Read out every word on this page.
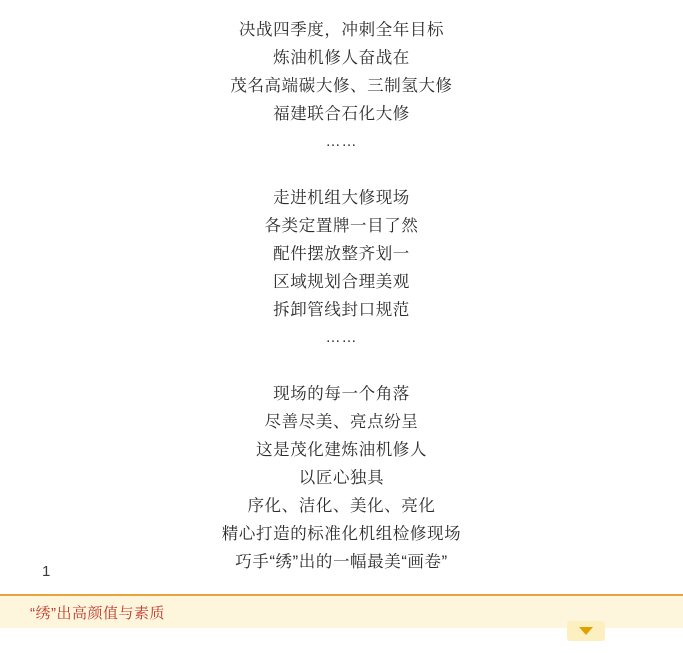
决战四季度，冲刺全年目标
炼油机修人奋战在
茂名高端碳大修、三制氢大修
福建联合石化大修
……
走进机组大修现场
各类定置牌一目了然
配件摆放整齐划一
区域规划合理美观
拆卸管线封口规范
……
现场的每一个角落
尽善尽美、亮点纷呈
这是茂化建炼油机修人
以匠心独具
序化、洁化、美化、亮化
精心打造的标准化机组检修现场
巧手“绣”出的一幅最美“画卷”
1
“绣”出高颜值与素质
